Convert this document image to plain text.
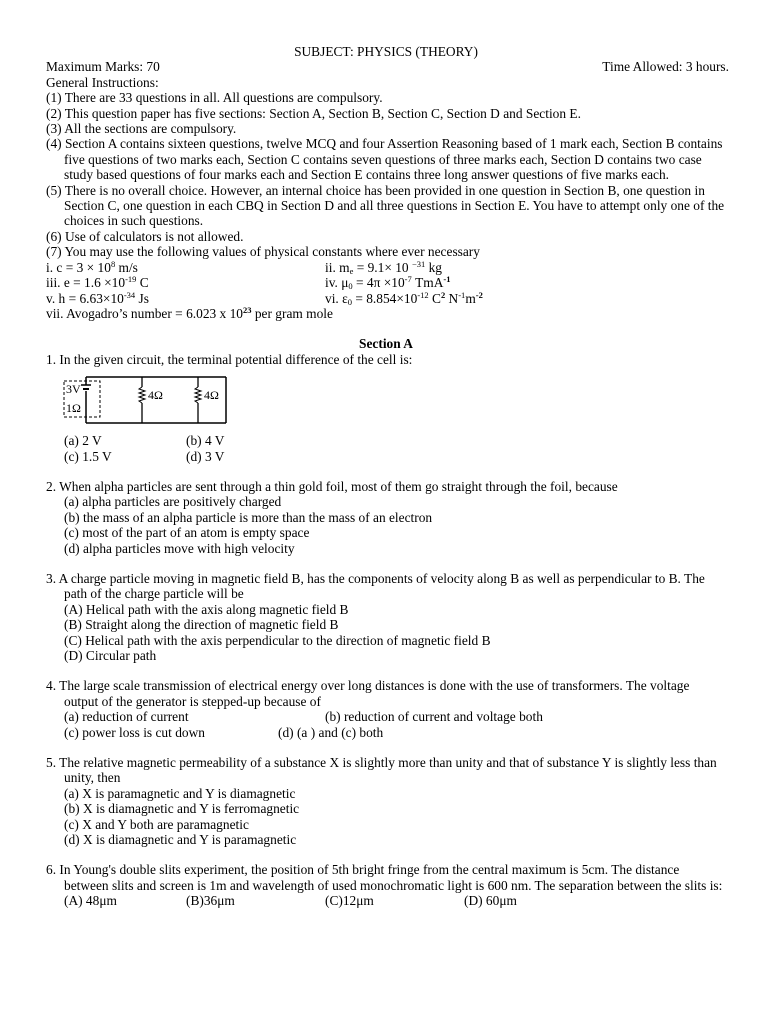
SUBJECT: PHYSICS (THEORY)
Maximum Marks: 70	Time Allowed: 3 hours.
General Instructions:
(1) There are 33 questions in all. All questions are compulsory.
(2) This question paper has five sections: Section A, Section B, Section C, Section D and Section E.
(3) All the sections are compulsory.
(4) Section A contains sixteen questions, twelve MCQ and four Assertion Reasoning based of 1 mark each, Section B contains five questions of two marks each, Section C contains seven questions of three marks each, Section D contains two case study based questions of four marks each and Section E contains three long answer questions of five marks each.
(5) There is no overall choice. However, an internal choice has been provided in one question in Section B, one question in Section C, one question in each CBQ in Section D and all three questions in Section E. You have to attempt only one of the choices in such questions.
(6) Use of calculators is not allowed.
(7) You may use the following values of physical constants where ever necessary
i. $c = 3 \times 10^8$ m/s	ii. $m_e = 9.1\times 10$ $^{-31}$ kg
iii. $e = 1.6 \times 10^{-19}$ C	iv. $\mu_0 = 4\pi \times 10^{-7}$ TmA$^{-1}$
v. $h = 6.63\times 10^{-34}$ Js	vi. $\varepsilon_0 = 8.854\times 10^{-12}$ $C^2$ $N^{-1}m^{-2}$
vii. Avogadro’s number = 6.023 x $10^{23}$ per gram mole
Section A
1. In the given circuit, the terminal potential difference of the cell is:
3V
1Ω
4Ω	4Ω
(a) 2 V	(b) 4 V
(c) 1.5 V	(d) 3 V
2. When alpha particles are sent through a thin gold foil, most of them go straight through the foil, because
(a) alpha particles are positively charged
(b) the mass of an alpha particle is more than the mass of an electron
(c) most of the part of an atom is empty space
(d) alpha particles move with high velocity
3. A charge particle moving in magnetic field B, has the components of velocity along B as well as perpendicular to B. The path of the charge particle will be
(A) Helical path with the axis along magnetic field B
(B) Straight along the direction of magnetic field B
(C) Helical path with the axis perpendicular to the direction of magnetic field B
(D) Circular path
4. The large scale transmission of electrical energy over long distances is done with the use of transformers. The voltage output of the generator is stepped-up because of
(a) reduction of current	(b) reduction of current and voltage both
(c) power loss is cut down	(d) (a ) and (c) both
5. The relative magnetic permeability of a substance X is slightly more than unity and that of substance Y is slightly less than unity, then
(a) X is paramagnetic and Y is diamagnetic
(b) X is diamagnetic and Y is ferromagnetic
(c) X and Y both are paramagnetic
(d) X is diamagnetic and Y is paramagnetic
6. In Young's double slits experiment, the position of 5th bright fringe from the central maximum is 5cm. The distance between slits and screen is 1m and wavelength of used monochromatic light is 600 nm. The separation between the slits is:
(A) 48μm	(B)36μm	(C)12μm	(D) 60μm
